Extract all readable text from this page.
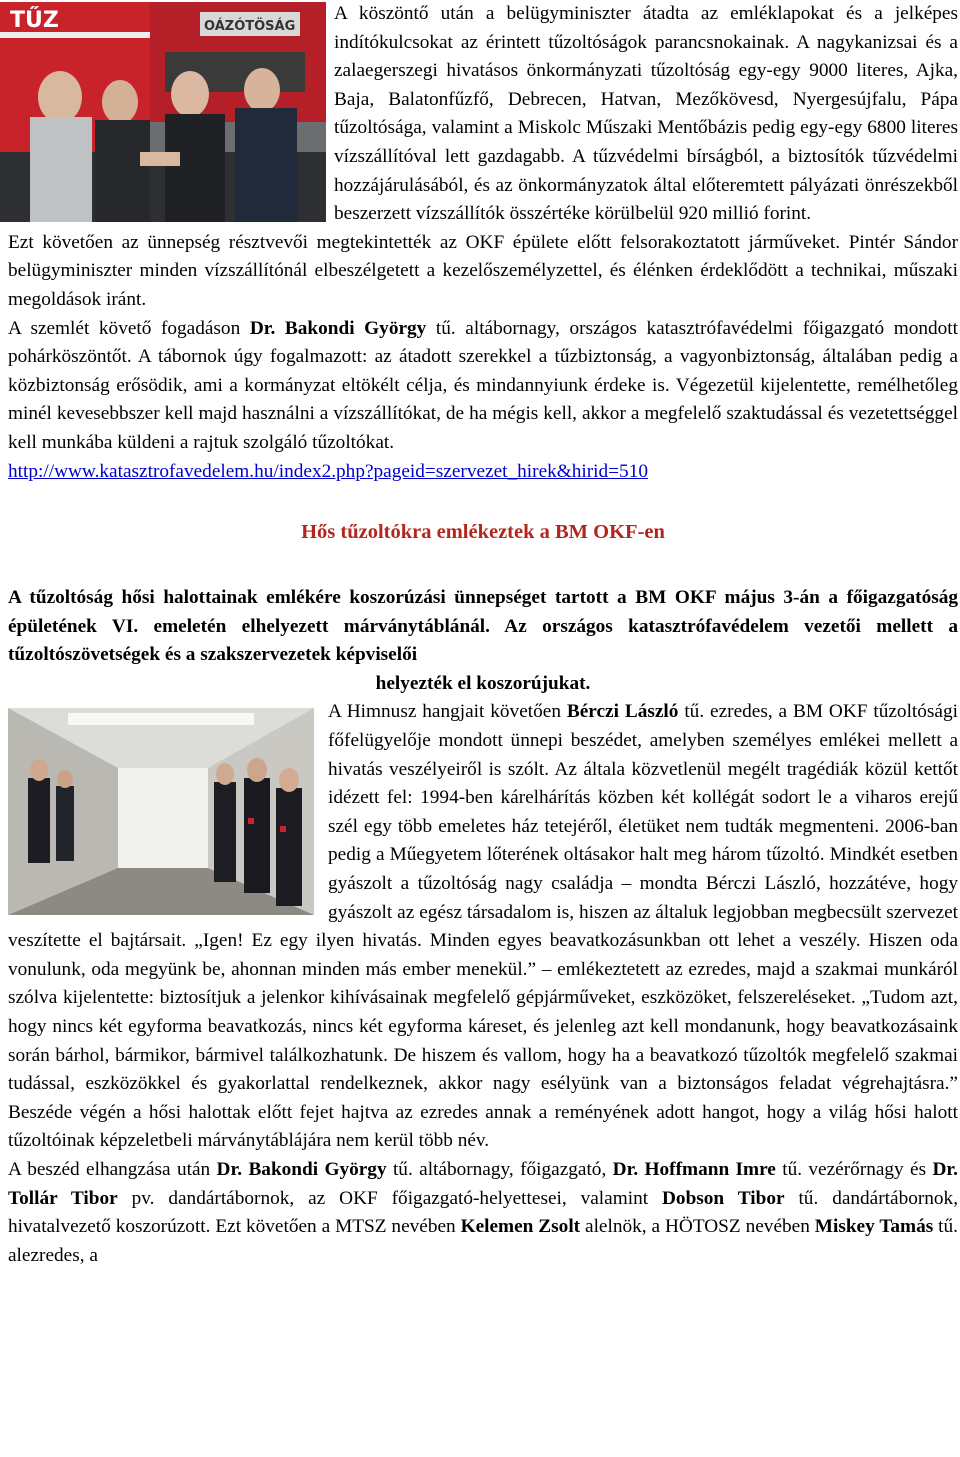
TŰZ	OÁZÓTÖSÁG

A köszöntő után a belügyminiszter átadta az emléklapokat és a jelképes indítókulcsokat az érintett tűzoltóságok parancsnokainak. A nagykanizsai és a zalaegerszegi hivatásos önkormányzati tűzoltóság egy-egy 9000 literes, Ajka, Baja, Balatonfűzfő, Debrecen, Hatvan, Mezőkövesd, Nyergesújfalu, Pápa tűzoltósága, valamint a Miskolc Műszaki Mentőbázis pedig egy-egy 6800 literes vízszállítóval lett gazdagabb. A tűzvédelmi bírságból, a biztosítók tűzvédelmi hozzájárulásából, és az önkormányzatok által előteremtett pályázati önrészekből beszerzett vízszállítók összértéke körülbelül 920 millió forint.

Ezt követően az ünnepség résztvevői megtekintették az OKF épülete előtt felsorakoztatott járműveket. Pintér Sándor belügyminiszter minden vízszállítónál elbeszélgetett a kezelőszemélyzettel, és élénken érdeklődött a technikai, műszaki megoldások iránt.

A szemlét követő fogadáson Dr. Bakondi György tű. altábornagy, országos katasztrófavédelmi főigazgató mondott pohárköszöntőt. A tábornok úgy fogalmazott: az átadott szerekkel a tűzbiztonság, a vagyonbiztonság, általában pedig a közbiztonság erősödik, ami a kormányzat eltökélt célja, és mindannyiunk érdeke is. Végezetül kijelentette, remélhetőleg minél kevesebbszer kell majd használni a vízszállítókat, de ha mégis kell, akkor a megfelelő szaktudással és vezetettséggel kell munkába küldeni a rajtuk szolgáló tűzoltókat.

http://www.katasztrofavedelem.hu/index2.php?pageid=szervezet_hirek&hirid=510

Hős tűzoltókra emlékeztek a BM OKF-en

A tűzoltóság hősi halottainak emlékére koszorúzási ünnepséget tartott a BM OKF május 3-án a főigazgatóság épületének VI. emeletén elhelyezett márványtáblánál. Az országos katasztrófavédelem vezetői mellett a tűzoltószövetségek és a szakszervezetek képviselői

helyezték el koszorújukat.

A Himnusz hangjait követően Bérczi László tű. ezredes, a BM OKF tűzoltósági főfelügyelője mondott ünnepi beszédet, amelyben személyes emlékei mellett a hivatás veszélyeiről is szólt. Az általa közvetlenül megélt tragédiák közül kettőt idézett fel: 1994-ben kárelhárítás közben két kollégát sodort le a viharos erejű szél egy több emeletes ház tetejéről, életüket nem tudták megmenteni. 2006-ban pedig a Műegyetem lőterének oltásakor halt meg három tűzoltó. Mindkét esetben gyászolt a tűzoltóság nagy családja – mondta Bérczi László, hozzátéve, hogy gyászolt az egész társadalom is, hiszen az általuk legjobban megbecsült szervezet veszítette el bajtársait. „Igen! Ez egy ilyen hivatás. Minden egyes beavatkozásunkban ott lehet a veszély. Hiszen oda vonulunk, oda megyünk be, ahonnan minden más ember menekül.” – emlékeztetett az ezredes, majd a szakmai munkáról szólva kijelentette: biztosítjuk a jelenkor kihívásainak megfelelő gépjárműveket, eszközöket, felszereléseket. „Tudom azt, hogy nincs két egyforma beavatkozás, nincs két egyforma káreset, és jelenleg azt kell mondanunk, hogy beavatkozásaink során bárhol, bármikor, bármivel találkozhatunk. De hiszem és vallom, hogy ha a beavatkozó tűzoltók megfelelő szakmai tudással, eszközökkel és gyakorlattal rendelkeznek, akkor nagy esélyünk van a biztonságos feladat végrehajtásra.” Beszéde végén a hősi halottak előtt fejet hajtva az ezredes annak a reményének adott hangot, hogy a világ hősi halott tűzoltóinak képzeletbeli márványtáblájára nem kerül több név.

A beszéd elhangzása után Dr. Bakondi György tű. altábornagy, főigazgató, Dr. Hoffmann Imre tű. vezérőrnagy és Dr. Tollár Tibor pv. dandártábornok, az OKF főigazgató-helyettesei, valamint Dobson Tibor tű. dandártábornok, hivatalvezető koszorúzott. Ezt követően a MTSZ nevében Kelemen Zsolt alelnök, a HÖTOSZ nevében Miskey Tamás tű. alezredes, a
